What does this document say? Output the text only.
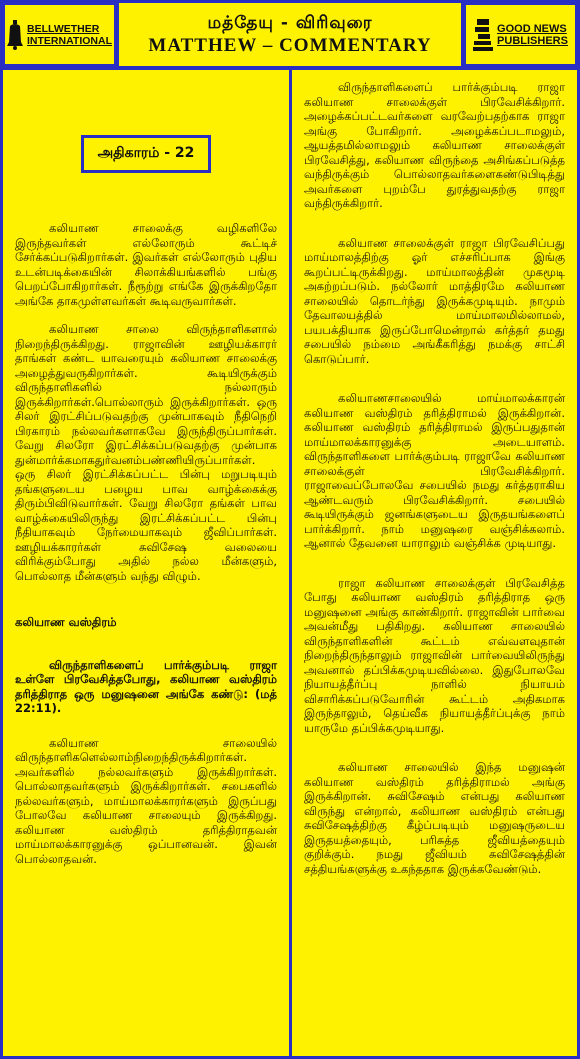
BELLWETHER
INTERNATIONAL
மத்தேயு - விரிவுரை
MATTHEW – COMMENTARY
GOOD NEWS
PUBLISHERS
அதிகாரம் - 22

கலியாண சாலைக்கு வழிகளிலே இருந்தவர்கள் எல்லோரும் கூட்டிச் சேர்க்கப்படுகிறார்கள். இவர்கள் எல்லோரும் புதிய உடன்படிக்கையின் சிலாக்கியங்களில் பங்கு பெறப்போகிறார்கள். நீரூற்று எங்கே இருக்கிறதோ அங்கே தாகமுள்ளவர்கள் கூடிவருவார்கள்.

கலியாண சாலை விருந்தாளிகளால் நிறைந்திருக்கிறது. ராஜாவின் ஊழியக்காரர் தாங்கள் கண்ட யாவரையும் கலியாண சாலைக்கு அழைத்துவருகிறார்கள். கூடியிருக்கும் விருந்தாளிகளில் நல்லாரும் இருக்கிறார்கள்.பொல்லாரும் இருக்கிறார்கள். ஒரு சிலர் இரட்சிப்படுவதற்கு முன்பாகவும் நீதிநெறி பிரகாரம் நல்லவர்களாகவே இருந்திருப்பார்கள். வேறு சிலரோ இரட்சிக்கப்படுவதற்கு முன்பாக துன்மார்க்கமாகதுர்வனம்பண்ணியிருப்பார்கள். ஒரு சிலர் இரட்சிக்கப்பட்ட பின்பு மறுபடியும் தங்களுடைய பழைய பாவ வாழ்க்கைக்கு திரும்பிவிடுவார்கள். வேறு சிலரோ தங்கள் பாவ வாழ்க்கையிலிருந்து இரட்சிக்கப்பட்ட பின்பு நீதியாகவும் நேர்மையாகவும் ஜீவிப்பார்கள். ஊழியக்காரர்கள் சுவிசேஷ வலையை விரிக்கும்போது அதில் நல்ல மீன்களும், பொல்லாத மீன்களும் வந்து விழும்.

கலியாண வஸ்திரம்

விருந்தாளிகளைப் பார்க்கும்படி ராஜா உள்ளே பிரவேசித்தபோது, கலியாண வஸ்திரம் தரித்திராத ஒரு மனுஷனை அங்கே கண்டு: (மத் 22:11).

கலியாண சாலையில் விருந்தாளிகளெல்லாம்நிறைந்திருக்கிறார்கள். அவர்களில் நல்லவர்களும் இருக்கிறார்கள். பொல்லாதவர்களும் இருக்கிறார்கள். சபைகளில் நல்லவர்களும், மாய்மாலக்காரர்களும் இருப்பது போலவே கலியாண சாலையும் இருக்கிறது. கலியாண வஸ்திரம் தரித்திராதவன் மாய்மாலக்காரனுக்கு ஒப்பானவன். இவன் பொல்லாதவன்.

விருந்தாளிகளைப் பார்க்கும்படி ராஜா கலியாண சாலைக்குள் பிரவேசிக்கிறார். அழைக்கப்பட்டவர்களை வரவேற்பதற்காக ராஜா அங்கு போகிறார். அழைக்கப்படாமலும், ஆயத்தமில்லாமலும் கலியாண சாலைக்குள் பிரவேசித்து, கலியாண விருந்தை அசிங்கப்படுத்த வந்திருக்கும் பொல்லாதவர்களைகண்டுபிடித்து அவர்களை புறம்பே துரத்துவதற்கு ராஜா வந்திருக்கிறார்.

கலியாண சாலைக்குள் ராஜா பிரவேசிப்பது மாய்மாலத்திற்கு ஓர் எச்சரிப்பாக இங்கு கூறப்பட்டிருக்கிறது. மாய்மாலத்தின் முகமூடி அகற்றப்படும். நல்லோர் மாத்திரமே கலியாண சாலையில் தொடர்ந்து இருக்கமுடியும். நாமும் தேவாலயத்தில் மாய்மாலமில்லாமல், பயபக்தியாக இருப்போமென்றால் கர்த்தர் தமது சபையில் நம்மை அங்கீகரித்து நமக்கு சாட்சி கொடுப்பார்.

கலியாணசாலையில் மாய்மாலக்காரன் கலியாண வஸ்திரம் தரித்திராமல் இருக்கிறான். கலியாண வஸ்திரம் தரித்திராமல் இருப்பதுதான் மாய்மாலக்காரனுக்கு அடையாளம். விருந்தாளிகளை பார்க்கும்படி ராஜாவே கலியாண சாலைக்குள் பிரவேசிக்கிறார். ராஜாவைப்போலவே சபையில் நமது கர்த்தராகிய ஆண்டவரும் பிரவேசிக்கிறார். சபையில் கூடியிருக்கும் ஜனங்களுடைய இருதயங்களைப் பார்க்கிறார். நாம் மனுஷரை வஞ்சிக்கலாம். ஆனால் தேவனை யாராலும் வஞ்சிக்க முடியாது.

ராஜா கலியாண சாலைக்குள் பிரவேசித்த போது கலியாண வஸ்திரம் தரித்திராத ஒரு மனுஷனை அங்கு காண்கிறார். ராஜாவின் பார்வை அவன்மீது பதிகிறது. கலியாண சாலையில் விருந்தாளிகளின் கூட்டம் எவ்வளவுதான் நிறைந்திருந்தாலும் ராஜாவின் பார்வையிலிருந்து அவனால் தப்பிக்கமுடியவில்லை. இதுபோலவே நியாயத்தீர்ப்பு நாளில் நியாயம் விசாரிக்கப்படுவோரின் கூட்டம் அதிகமாக இருந்தாலும், தெய்வீக நியாயத்தீர்ப்புக்கு நாம் யாருமே தப்பிக்கமுடியாது.

கலியாண சாலையில் இந்த மனுஷன் கலியாண வஸ்திரம் தரித்திராமல் அங்கு இருக்கிறான். சுவிசேஷம் என்பது கலியாண விருந்து என்றால், கலியாண வஸ்திரம் என்பது சுவிசேஷத்திற்கு கீழ்ப்படியும் மனுஷருடைய இருதயத்தையும், பரிசுத்த ஜீவியத்தையும் குறிக்கும். நமது ஜீவியம் சுவிசேஷத்தின் சத்தியங்களுக்கு உகந்ததாக இருக்கவேண்டும்.
